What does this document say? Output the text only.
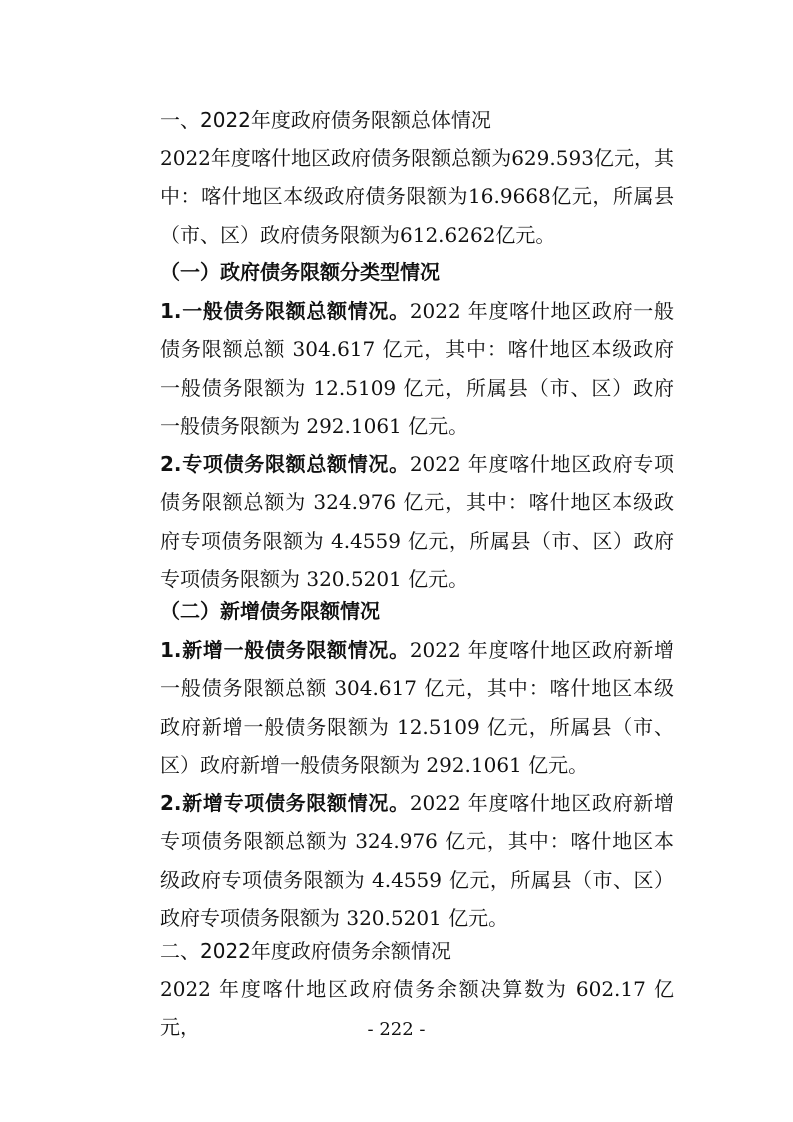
一、2022年度政府债务限额总体情况

2022年度喀什地区政府债务限额总额为629.593亿元，其中：喀什地区本级政府债务限额为16.9668亿元，所属县（市、区）政府债务限额为612.6262亿元。

（一）政府债务限额分类型情况

1.一般债务限额总额情况。2022 年度喀什地区政府一般债务限额总额 304.617 亿元，其中：喀什地区本级政府一般债务限额为 12.5109 亿元，所属县（市、区）政府一般债务限额为 292.1061 亿元。

2.专项债务限额总额情况。2022 年度喀什地区政府专项债务限额总额为 324.976 亿元，其中：喀什地区本级政府专项债务限额为 4.4559 亿元，所属县（市、区）政府专项债务限额为 320.5201 亿元。

（二）新增债务限额情况

1.新增一般债务限额情况。2022 年度喀什地区政府新增一般债务限额总额 304.617 亿元，其中：喀什地区本级政府新增一般债务限额为 12.5109 亿元，所属县（市、区）政府新增一般债务限额为 292.1061 亿元。

2.新增专项债务限额情况。2022 年度喀什地区政府新增专项债务限额总额为 324.976 亿元，其中：喀什地区本级政府专项债务限额为 4.4559 亿元，所属县（市、区）政府专项债务限额为 320.5201 亿元。

二、2022年度政府债务余额情况

2022 年度喀什地区政府债务余额决算数为 602.17 亿元，	- 222 -
